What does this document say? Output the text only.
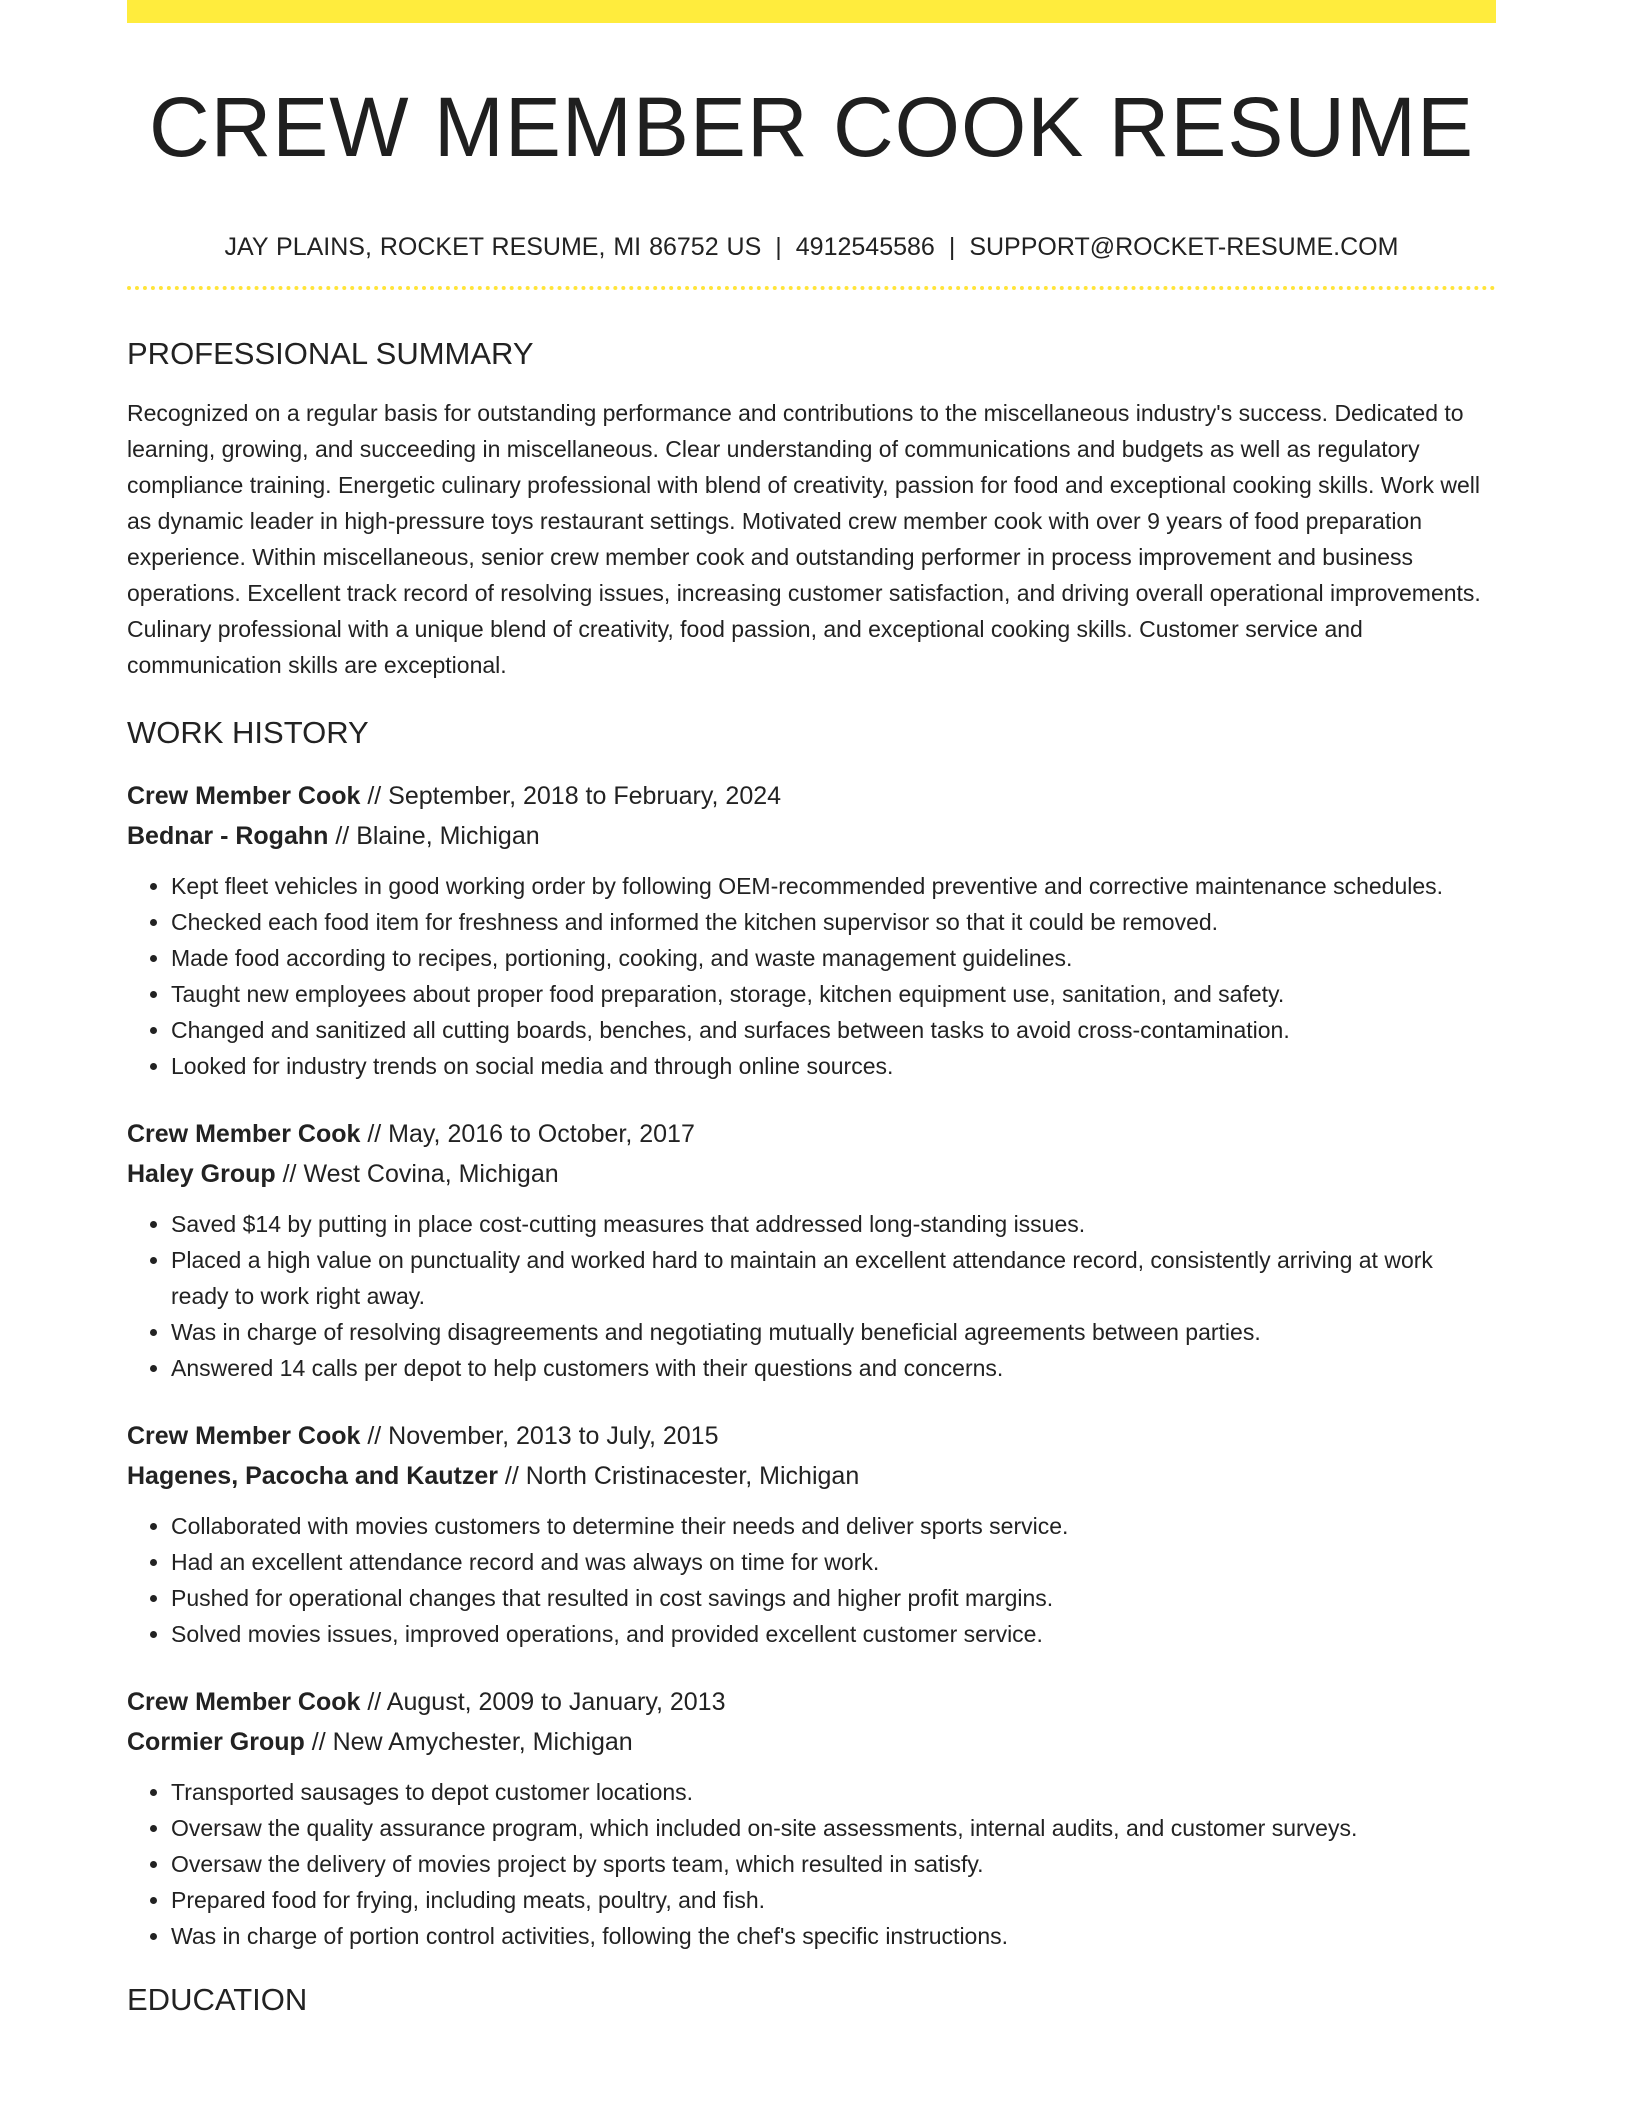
CREW MEMBER COOK RESUME
JAY PLAINS, ROCKET RESUME, MI 86752 US | 4912545586 | SUPPORT@ROCKET-RESUME.COM
PROFESSIONAL SUMMARY

Recognized on a regular basis for outstanding performance and contributions to the miscellaneous industry's success. Dedicated to learning, growing, and succeeding in miscellaneous. Clear understanding of communications and budgets as well as regulatory compliance training. Energetic culinary professional with blend of creativity, passion for food and exceptional cooking skills. Work well as dynamic leader in high-pressure toys restaurant settings. Motivated crew member cook with over 9 years of food preparation experience. Within miscellaneous, senior crew member cook and outstanding performer in process improvement and business operations. Excellent track record of resolving issues, increasing customer satisfaction, and driving overall operational improvements. Culinary professional with a unique blend of creativity, food passion, and exceptional cooking skills. Customer service and communication skills are exceptional.

WORK HISTORY
Crew Member Cook // September, 2018 to February, 2024
Bednar - Rogahn // Blaine, Michigan
• Kept fleet vehicles in good working order by following OEM-recommended preventive and corrective maintenance schedules.
• Checked each food item for freshness and informed the kitchen supervisor so that it could be removed.
• Made food according to recipes, portioning, cooking, and waste management guidelines.
• Taught new employees about proper food preparation, storage, kitchen equipment use, sanitation, and safety.
• Changed and sanitized all cutting boards, benches, and surfaces between tasks to avoid cross-contamination.
• Looked for industry trends on social media and through online sources.
Crew Member Cook // May, 2016 to October, 2017
Haley Group // West Covina, Michigan
• Saved $14 by putting in place cost-cutting measures that addressed long-standing issues.
• Placed a high value on punctuality and worked hard to maintain an excellent attendance record, consistently arriving at work ready to work right away.
• Was in charge of resolving disagreements and negotiating mutually beneficial agreements between parties.
• Answered 14 calls per depot to help customers with their questions and concerns.
Crew Member Cook // November, 2013 to July, 2015
Hagenes, Pacocha and Kautzer // North Cristinacester, Michigan
• Collaborated with movies customers to determine their needs and deliver sports service.
• Had an excellent attendance record and was always on time for work.
• Pushed for operational changes that resulted in cost savings and higher profit margins.
• Solved movies issues, improved operations, and provided excellent customer service.
Crew Member Cook // August, 2009 to January, 2013
Cormier Group // New Amychester, Michigan
• Transported sausages to depot customer locations.
• Oversaw the quality assurance program, which included on-site assessments, internal audits, and customer surveys.
• Oversaw the delivery of movies project by sports team, which resulted in satisfy.
• Prepared food for frying, including meats, poultry, and fish.
• Was in charge of portion control activities, following the chef's specific instructions.
EDUCATION
